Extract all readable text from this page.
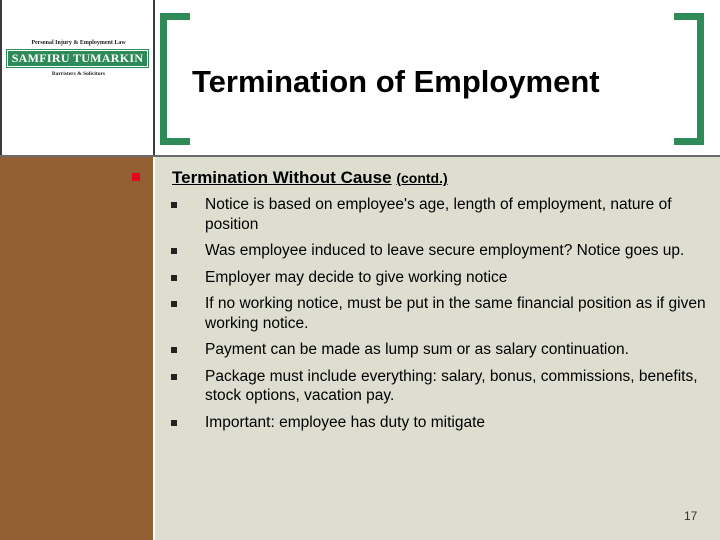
Personal Injury & Employment Law
SAMFIRU TUMARKIN
Barristers & Solicitors	Termination of Employment
Termination Without Cause (contd.)
Notice is based on employee's age, length of employment, nature of position
Was employee induced to leave secure employment? Notice goes up.
Employer may decide to give working notice
If no working notice, must be put in the same financial position as if given working notice.
Payment can be made as lump sum or as salary continuation.
Package must include everything: salary, bonus, commissions, benefits, stock options, vacation pay.
Important: employee has duty to mitigate
17
